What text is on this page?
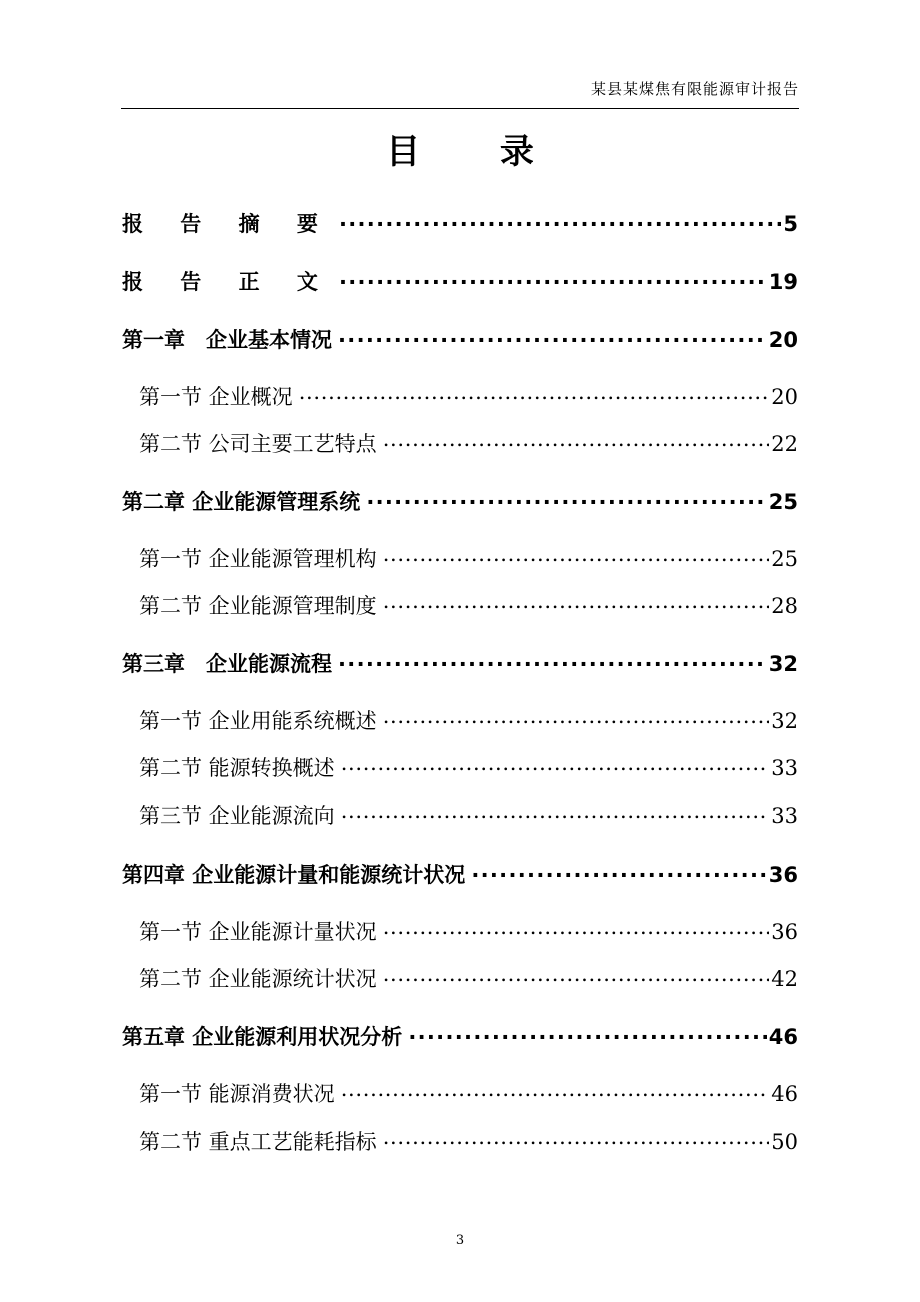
某县某煤焦有限能源审计报告
目 录
报 告 摘 要 . . .	5
报 告 正 文 . . .	19
第一章　企业基本情况 . . .	20
第一节 企业概况 . . .	20
第二节 公司主要工艺特点 . . .	22
第二章 企业能源管理系统 . . .	25
第一节 企业能源管理机构 . . .	25
第二节 企业能源管理制度 . . .	28
第三章　企业能源流程 . . .	32
第一节 企业用能系统概述 . . .	32
第二节 能源转换概述 . . .	33
第三节 企业能源流向 . . .	33
第四章 企业能源计量和能源统计状况 . . .	36
第一节 企业能源计量状况 . . .	36
第二节 企业能源统计状况 . . .	42
第五章 企业能源利用状况分析 . . .	46
第一节 能源消费状况 . . .	46
第二节 重点工艺能耗指标 . . .	50
3
